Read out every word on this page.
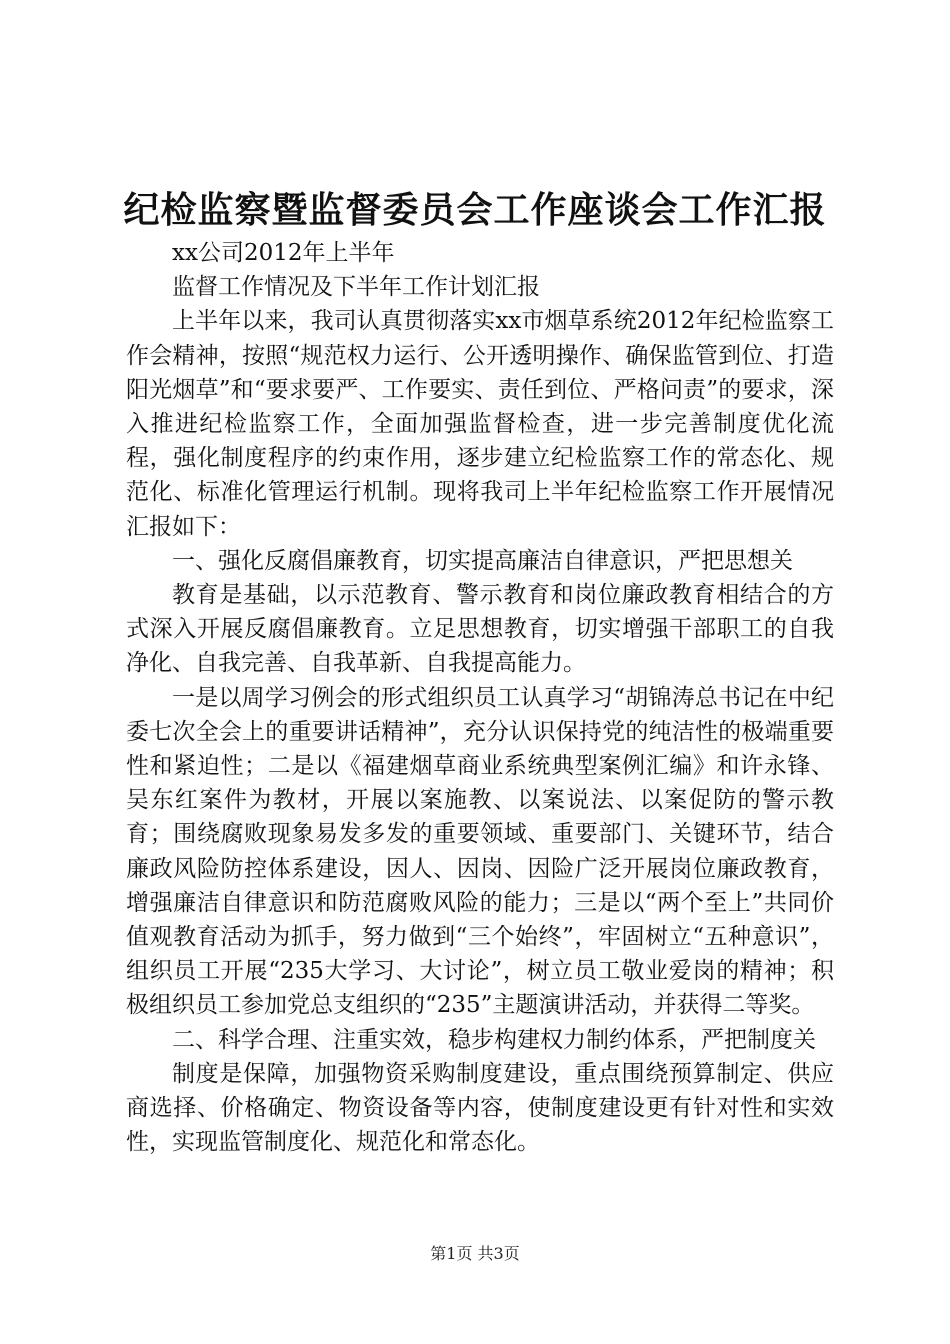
纪检监察暨监督委员会工作座谈会工作汇报

xx公司2012年上半年

监督工作情况及下半年工作计划汇报

上半年以来，我司认真贯彻落实xx市烟草系统2012年纪检监察工作会精神，按照“规范权力运行、公开透明操作、确保监管到位、打造阳光烟草”和“要求要严、工作要实、责任到位、严格问责”的要求，深入推进纪检监察工作，全面加强监督检查，进一步完善制度优化流程，强化制度程序的约束作用，逐步建立纪检监察工作的常态化、规范化、标准化管理运行机制。现将我司上半年纪检监察工作开展情况汇报如下：

一、强化反腐倡廉教育，切实提高廉洁自律意识，严把思想关

教育是基础，以示范教育、警示教育和岗位廉政教育相结合的方式深入开展反腐倡廉教育。立足思想教育，切实增强干部职工的自我净化、自我完善、自我革新、自我提高能力。

一是以周学习例会的形式组织员工认真学习“胡锦涛总书记在中纪委七次全会上的重要讲话精神”，充分认识保持党的纯洁性的极端重要性和紧迫性；二是以《福建烟草商业系统典型案例汇编》和许永锋、吴东红案件为教材，开展以案施教、以案说法、以案促防的警示教育；围绕腐败现象易发多发的重要领域、重要部门、关键环节，结合廉政风险防控体系建设，因人、因岗、因险广泛开展岗位廉政教育，增强廉洁自律意识和防范腐败风险的能力；三是以“两个至上”共同价值观教育活动为抓手，努力做到“三个始终”，牢固树立“五种意识”，组织员工开展“235大学习、大讨论”，树立员工敬业爱岗的精神；积极组织员工参加党总支组织的“235”主题演讲活动，并获得二等奖。

二、科学合理、注重实效，稳步构建权力制约体系，严把制度关

制度是保障，加强物资采购制度建设，重点围绕预算制定、供应商选择、价格确定、物资设备等内容，使制度建设更有针对性和实效性，实现监管制度化、规范化和常态化。

第1页 共3页
